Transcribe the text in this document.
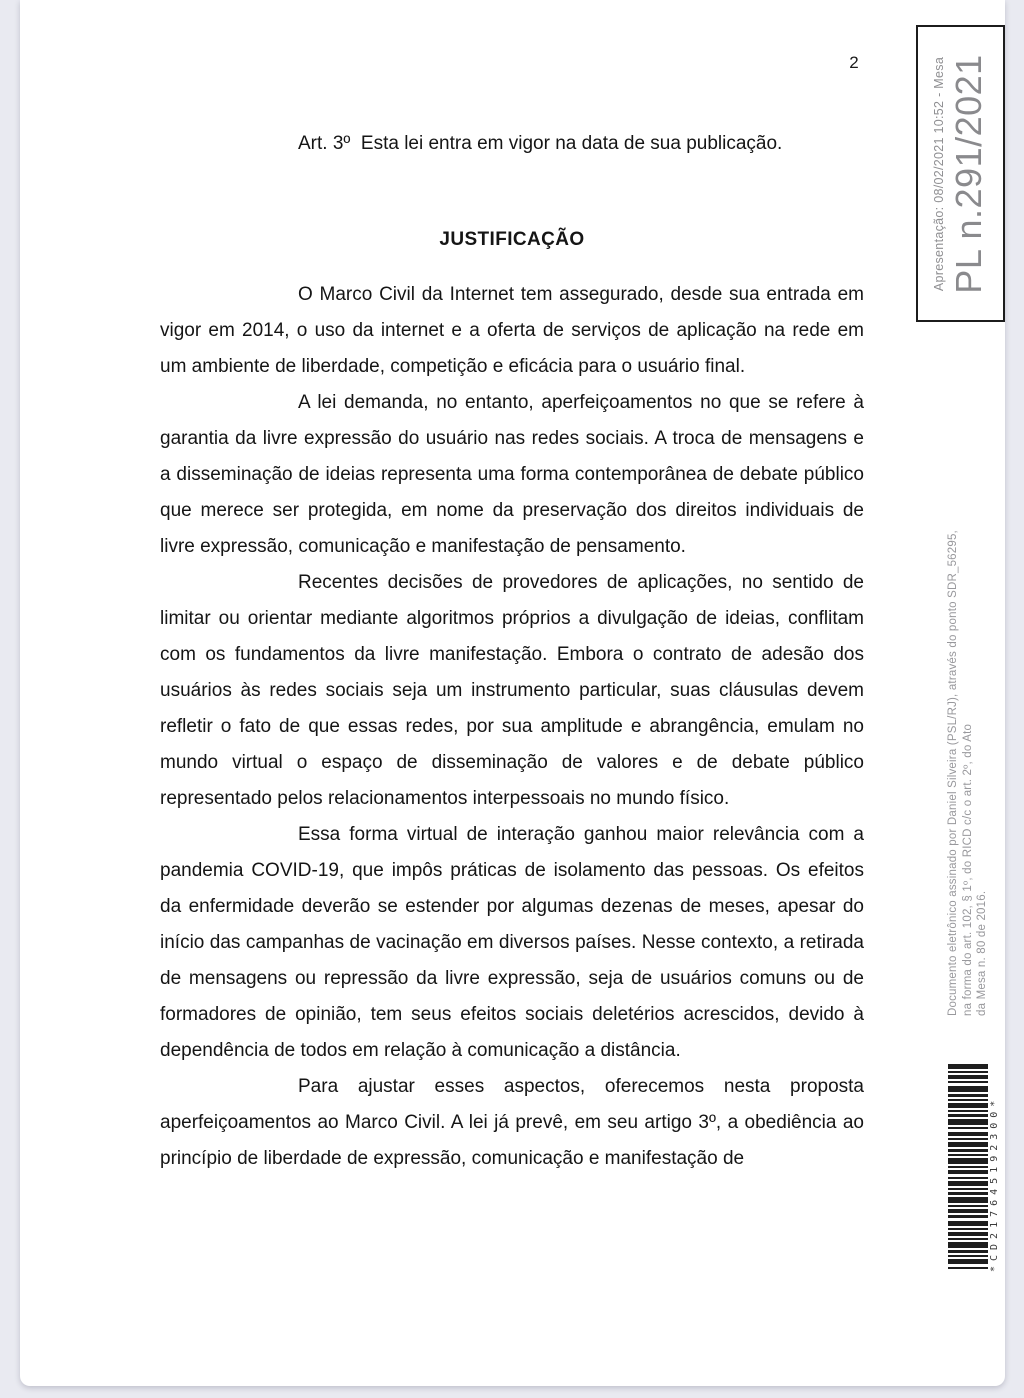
2

Art. 3º  Esta lei entra em vigor na data de sua publicação.

JUSTIFICAÇÃO

O Marco Civil da Internet tem assegurado, desde sua entrada em vigor em 2014, o uso da internet e a oferta de serviços de aplicação na rede em um ambiente de liberdade, competição e eficácia para o usuário final.

A lei demanda, no entanto, aperfeiçoamentos no que se refere à garantia da livre expressão do usuário nas redes sociais. A troca de mensagens e a disseminação de ideias representa uma forma contemporânea de debate público que merece ser protegida, em nome da preservação dos direitos individuais de livre expressão, comunicação e manifestação de pensamento.

Recentes decisões de provedores de aplicações, no sentido de limitar ou orientar mediante algoritmos próprios a divulgação de ideias, conflitam com os fundamentos da livre manifestação. Embora o contrato de adesão dos usuários às redes sociais seja um instrumento particular, suas cláusulas devem refletir o fato de que essas redes, por sua amplitude e abrangência, emulam no mundo virtual o espaço de disseminação de valores e de debate público representado pelos relacionamentos interpessoais no mundo físico.

Essa forma virtual de interação ganhou maior relevância com a pandemia COVID-19, que impôs práticas de isolamento das pessoas. Os efeitos da enfermidade deverão se estender por algumas dezenas de meses, apesar do início das campanhas de vacinação em diversos países. Nesse contexto, a retirada de mensagens ou repressão da livre expressão, seja de usuários comuns ou de formadores de opinião, tem seus efeitos sociais deletérios acrescidos, devido à dependência de todos em relação à comunicação a distância.

Para ajustar esses aspectos, oferecemos nesta proposta aperfeiçoamentos ao Marco Civil. A lei já prevê, em seu artigo 3º, a obediência ao princípio de liberdade de expressão, comunicação e manifestação de

Apresentação: 08/02/2021 10:52 - Mesa PL n.291/2021
Documento eletrônico assinado por Daniel Silveira (PSL/RJ), através do ponto SDR_56295, na forma do art. 102, § 1º, do RICD c/c o art. 2º, do Ato da Mesa n. 80 de 2016.
*CD217645192300*
